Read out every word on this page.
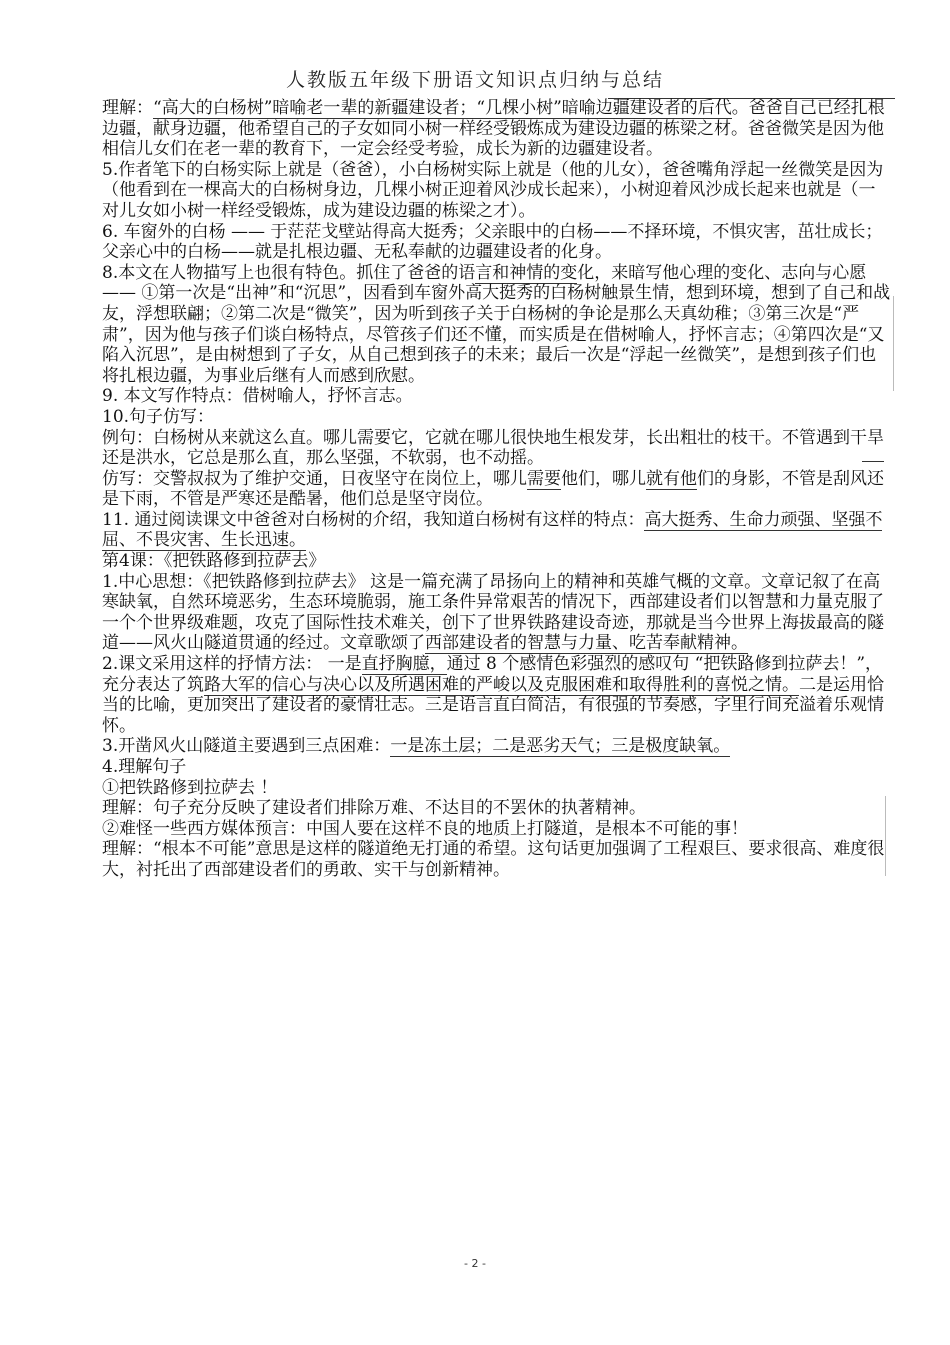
人教版五年级下册语文知识点归纳与总结

理解：“高大的白杨树”暗喻老一辈的新疆建设者；“几棵小树”暗喻边疆建设者的后代。爸爸自己已经扎根边疆，献身边疆，他希望自己的子女如同小树一样经受锻炼成为建设边疆的栋梁之材。爸爸微笑是因为他相信儿女们在老一辈的教育下，一定会经受考验，成长为新的边疆建设者。

5.作者笔下的白杨实际上就是（爸爸），小白杨树实际上就是（他的儿女），爸爸嘴角浮起一丝微笑是因为（他看到在一棵高大的白杨树身边，几棵小树正迎着风沙成长起来），小树迎着风沙成长起来也就是（一对儿女如小树一样经受锻炼，成为建设边疆的栋梁之才）。

6. 车窗外的白杨 —— 于茫茫戈壁站得高大挺秀；父亲眼中的白杨——不择环境，不惧灾害，茁壮成长；父亲心中的白杨——就是扎根边疆、无私奉献的边疆建设者的化身。

8.本文在人物描写上也很有特色。抓住了爸爸的语言和神情的变化，来暗写他心理的变化、志向与心愿—— ①第一次是“出神”和“沉思”，因看到车窗外高大挺秀的白杨树触景生情，想到环境，想到了自己和战友，浮想联翩；②第二次是“微笑”，因为听到孩子关于白杨树的争论是那么天真幼稚；③第三次是“严肃”，因为他与孩子们谈白杨特点，尽管孩子们还不懂，而实质是在借树喻人，抒怀言志；④第四次是“又陷入沉思”，是由树想到了子女，从自己想到孩子的未来；最后一次是“浮起一丝微笑”，是想到孩子们也将扎根边疆，为事业后继有人而感到欣慰。

9. 本文写作特点：借树喻人，抒怀言志。

10.句子仿写：

例句：白杨树从来就这么直。哪儿需要它，它就在哪儿很快地生根发芽，长出粗壮的枝干。不管遇到干旱还是洪水，它总是那么直，那么坚强，不软弱，也不动摇。

仿写：交警叔叔为了维护交通，日夜坚守在岗位上，哪儿需要他们，哪儿就有他们的身影，不管是刮风还是下雨，不管是严寒还是酷暑，他们总是坚守岗位。

11. 通过阅读课文中爸爸对白杨树的介绍，我知道白杨树有这样的特点：高大挺秀、生命力顽强、坚强不屈、不畏灾害、生长迅速。

第4课：《把铁路修到拉萨去》

1.中心思想：《把铁路修到拉萨去》 这是一篇充满了昂扬向上的精神和英雄气概的文章。文章记叙了在高寒缺氧，自然环境恶劣，生态环境脆弱，施工条件异常艰苦的情况下，西部建设者们以智慧和力量克服了一个个世界级难题，攻克了国际性技术难关，创下了世界铁路建设奇迹，那就是当今世界上海拔最高的隧道——风火山隧道贯通的经过。文章歌颂了西部建设者的智慧与力量、吃苦奉献精神。

2.课文采用这样的抒情方法： 一是直抒胸臆，通过 8 个感情色彩强烈的感叹句 “把铁路修到拉萨去！”，充分表达了筑路大军的信心与决心以及所遇困难的严峻以及克服困难和取得胜利的喜悦之情。二是运用恰当的比喻，更加突出了建设者的豪情壮志。三是语言直白简洁，有很强的节奏感，字里行间充溢着乐观情怀。

3.开凿风火山隧道主要遇到三点困难：一是冻土层；二是恶劣天气；三是极度缺氧。

4.理解句子

①把铁路修到拉萨去 ！

理解：句子充分反映了建设者们排除万难、不达目的不罢休的执著精神。

②难怪一些西方媒体预言：中国人要在这样不良的地质上打隧道，是根本不可能的事！

理解：“根本不可能”意思是这样的隧道绝无打通的希望。这句话更加强调了工程艰巨、要求很高、难度很大，衬托出了西部建设者们的勇敢、实干与创新精神。

- 2 -
